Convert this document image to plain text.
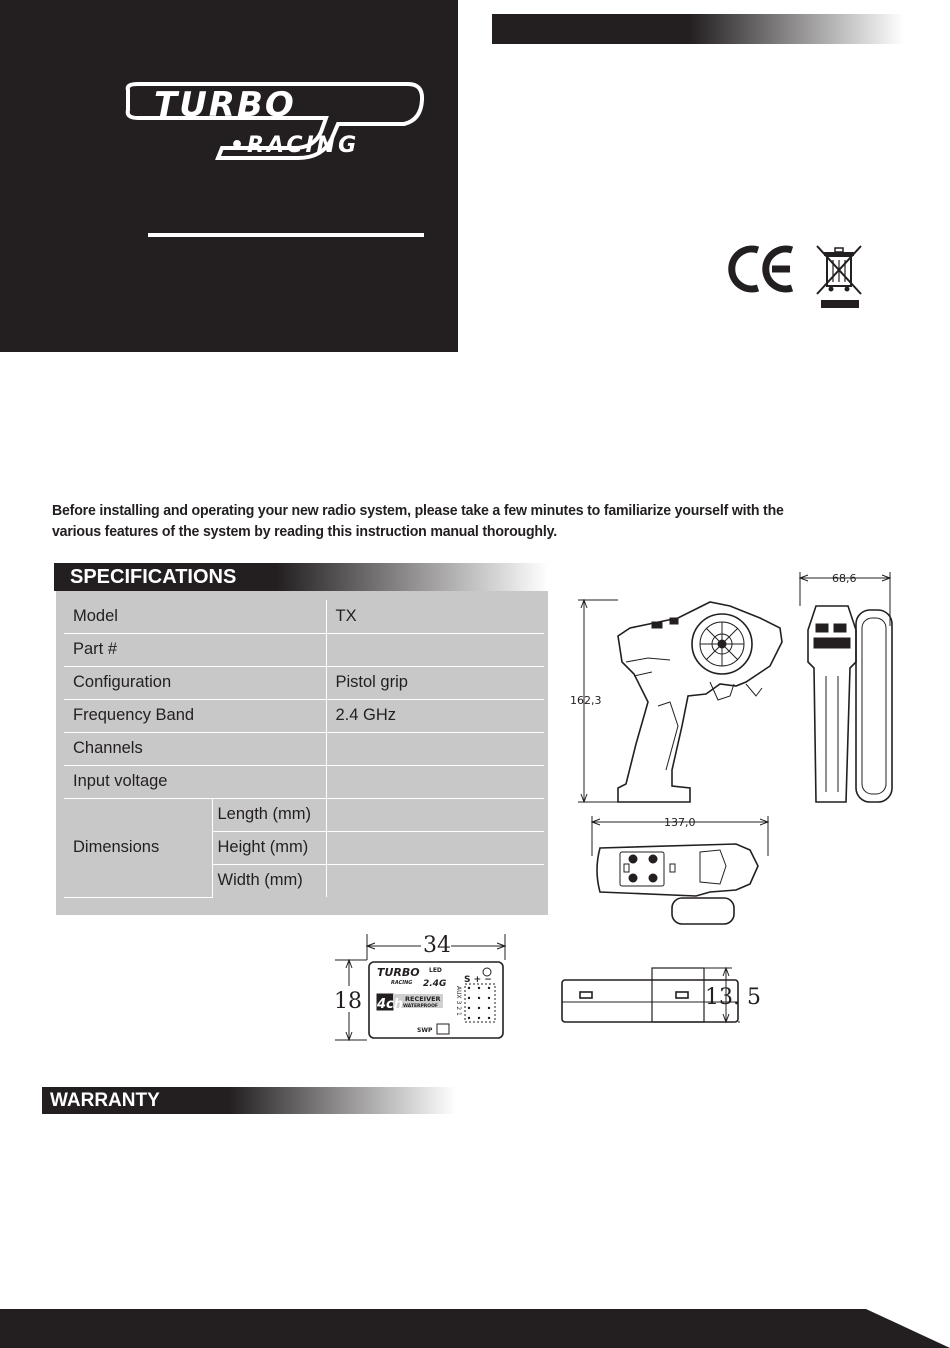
TURBO
•RACING
Before installing and operating your new radio system, please take a few minutes to familiarize yourself with the various features of the system by reading this instruction manual thoroughly.
SPECIFICATIONS
Model		TX
Part #		
Configuration		Pistol grip
Frequency Band		2.4 GHz
Channels		
Input voltage		
Dimensions	Length (mm)	
	Height (mm)	
	Width (mm)	
162,3
68,6
137,0
34
18
TURBO
RACING
LED
2.4G
4ch RECEIVER
WATERPROOF
SWP
S + −
AUX 3 2 1	13. 5
WARRANTY
